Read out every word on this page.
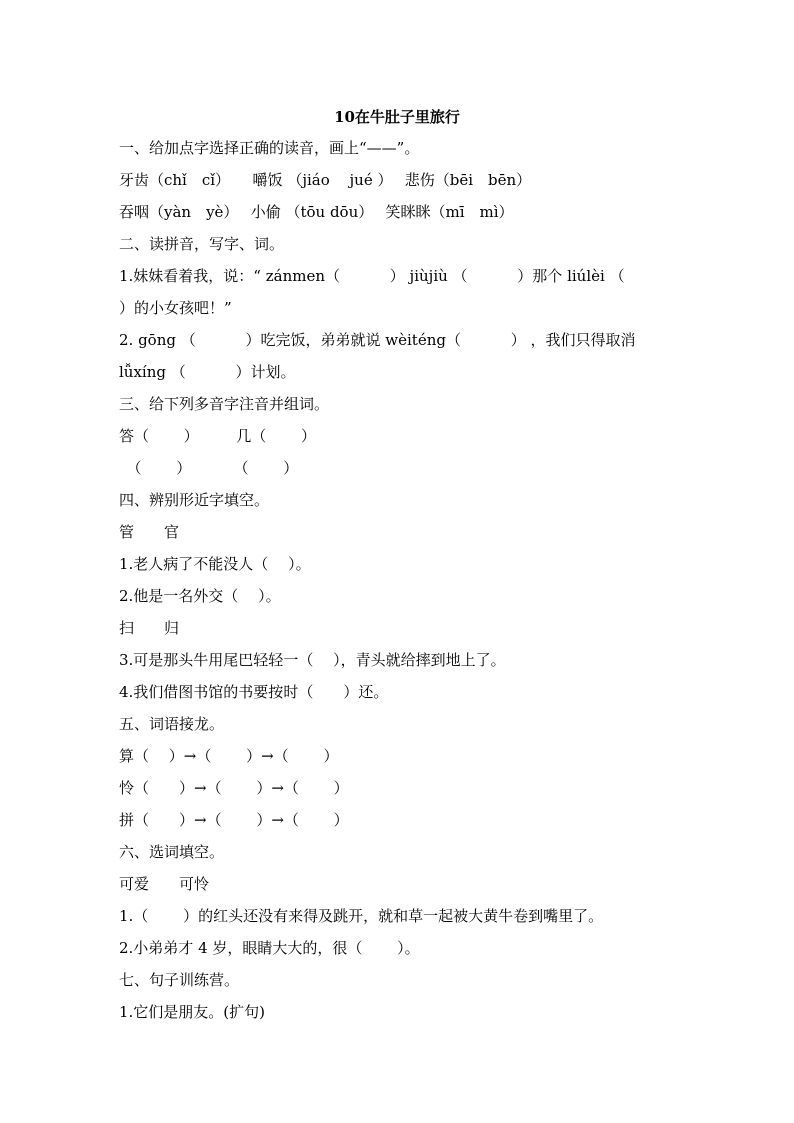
10在牛肚子里旅行
一、给加点字选择正确的读音，画上“——”。
牙齿（chǐ　cǐ）　　嚼饭 （jiáo　 jué ）　 悲伤（bēi　bēn）
吞咽（yàn　yè）　 小偷 （tōu dōu）　 笑眯眯（mī　mì）
二、读拼音，写字、词。
1.妹妹看着我，说：“ zánmen（　　　 ） jiùjiù （　　　 ）那个 liúlèi （
）的小女孩吧！”
2. gōng （　　　 ）吃完饭，弟弟就说 wèiténg（　　　 ） ，我们只得取消
lǚxíng （　　　 ）计划。
三、给下列多音字注音并组词。
答（　　 ）　　　几（　　 ）
　（　　 ）　　　 （　　 ）
四、辨别形近字填空。
管　　官
1.老人病了不能没人（　 ）。
2.他是一名外交（　 ）。
扫　　归
3.可是那头牛用尾巴轻轻一（　 ），青头就给摔到地上了。
4.我们借图书馆的书要按时（　　）还。
五、词语接龙。
算（　 ）→（　　 ）→（　　 ）
怜（　　）→（　　 ）→（　　 ）
拼（　　）→（　　 ）→（　　 ）
六、选词填空。
可爱　　可怜
1.（　　 ）的红头还没有来得及跳开，就和草一起被大黄牛卷到嘴里了。
2.小弟弟才 4 岁，眼睛大大的，很（　　 ）。
七、句子训练营。
1.它们是朋友。(扩句)
